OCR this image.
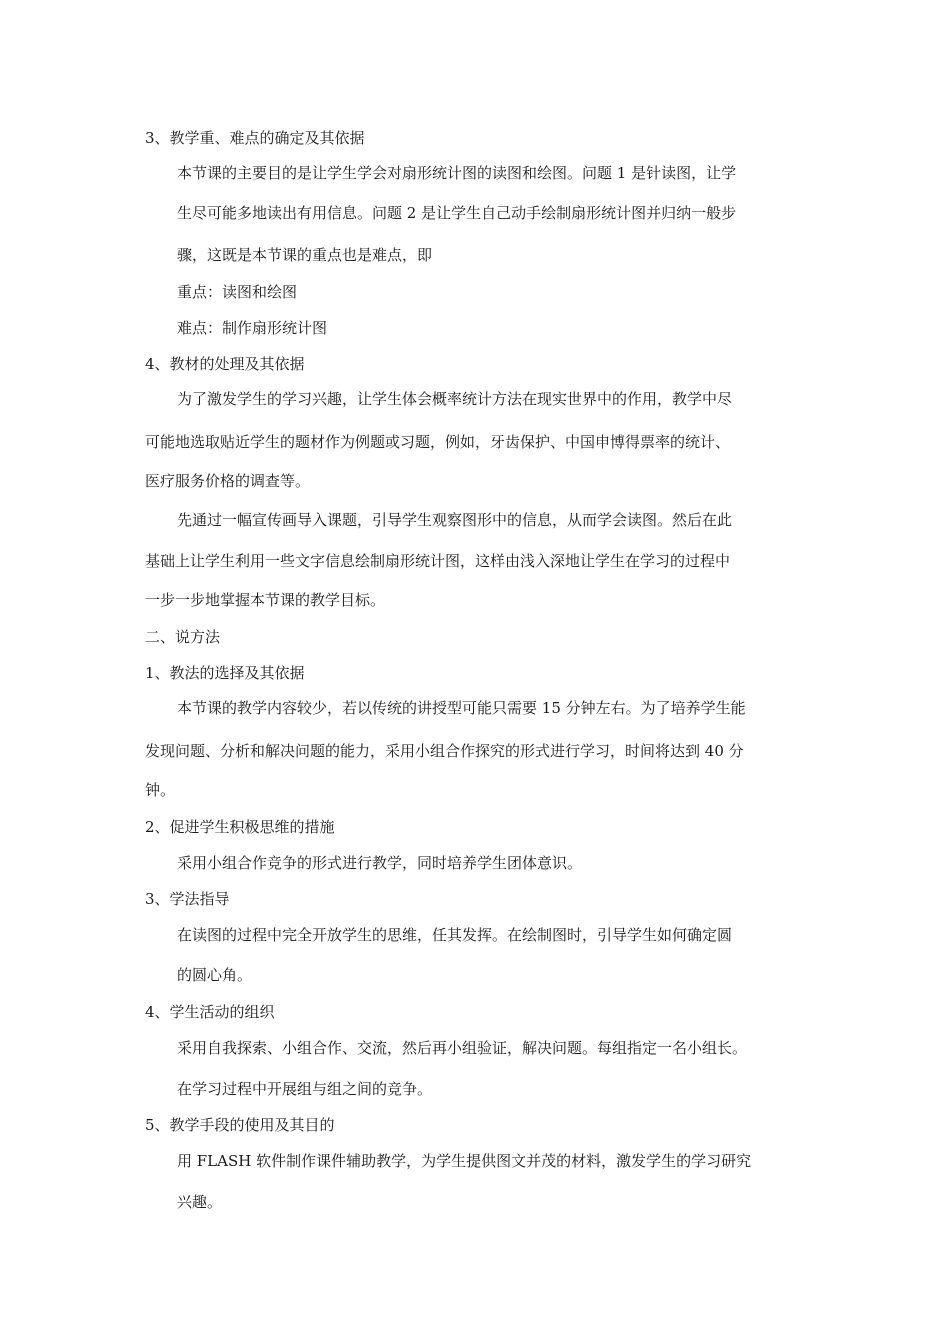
3、教学重、难点的确定及其依据
本节课的主要目的是让学生学会对扇形统计图的读图和绘图。问题 1 是针读图，让学
生尽可能多地读出有用信息。问题 2 是让学生自己动手绘制扇形统计图并归纳一般步
骤，这既是本节课的重点也是难点，即
重点：读图和绘图
难点：制作扇形统计图
4、教材的处理及其依据
为了激发学生的学习兴趣，让学生体会概率统计方法在现实世界中的作用，教学中尽
可能地选取贴近学生的题材作为例题或习题，例如，牙齿保护、中国申博得票率的统计、
医疗服务价格的调查等。
先通过一幅宣传画导入课题，引导学生观察图形中的信息，从而学会读图。然后在此
基础上让学生利用一些文字信息绘制扇形统计图，这样由浅入深地让学生在学习的过程中
一步一步地掌握本节课的教学目标。
二、说方法
1、教法的选择及其依据
本节课的教学内容较少，若以传统的讲授型可能只需要 15 分钟左右。为了培养学生能
发现问题、分析和解决问题的能力，采用小组合作探究的形式进行学习，时间将达到 40 分
钟。
2、促进学生积极思维的措施
采用小组合作竞争的形式进行教学，同时培养学生团体意识。
3、学法指导
在读图的过程中完全开放学生的思维，任其发挥。在绘制图时，引导学生如何确定圆
的圆心角。
4、学生活动的组织
采用自我探索、小组合作、交流，然后再小组验证，解决问题。每组指定一名小组长。
在学习过程中开展组与组之间的竞争。
5、教学手段的使用及其目的
用 FLASH 软件制作课件辅助教学，为学生提供图文并茂的材料，激发学生的学习研究
兴趣。
